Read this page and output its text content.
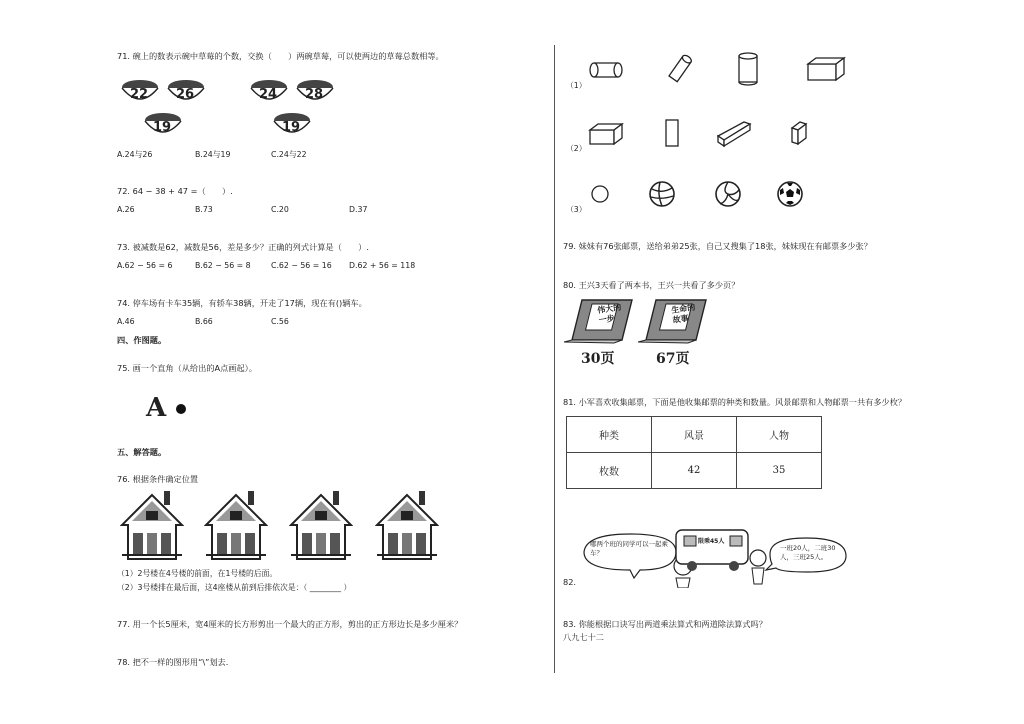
71. 碗上的数表示碗中草莓的个数，交换（　　）两碗草莓，可以使两边的草莓总数相等。
22 26
19
24 28
19
A.24与26	B.24与19	C.24与22
72. 64 − 38 + 47 =（　　）.
A.26	B.73	C.20	D.37
73. 被减数是62，减数是56，差是多少？正确的列式计算是（　　）.
A.62 − 56 = 6	B.62 − 56 = 8	C.62 − 56 = 16 D.62 + 56 = 118
74. 停车场有卡车35辆，有轿车38辆，开走了17辆，现在有()辆车。
A.46	B.66	C.56
四、作图题。
75. 画一个直角（从给出的A点画起）。
A
五、解答题。
76. 根据条件确定位置
（1）2号楼在4号楼的前面，在1号楼的后面。
（2）3号楼排在最后面，这4座楼从前到后排依次是：（ ________ ）
77. 用一个长5厘米，宽4厘米的长方形剪出一个最大的正方形，剪出的正方形边长是多少厘米？
78. 把不一样的图形用“\”划去.
（1）
（2）
（3）
79. 妹妹有76张邮票，送给弟弟25张，自己又搜集了18张，妹妹现在有邮票多少张？
80. 王兴3天看了两本书，王兴一共看了多少页？
伟大的一步
生命的故事
30页	67页
81. 小军喜欢收集邮票，下面是他收集邮票的种类和数量。风景邮票和人物邮票一共有多少枚？
种类	风景	人物
枚数	42	35
哪两个班的同学可以一起乘车？
限乘45人
一班20人，二班30人，三班25人。
82.
83. 你能根据口诀写出两道乘法算式和两道除法算式吗？
八九七十二
